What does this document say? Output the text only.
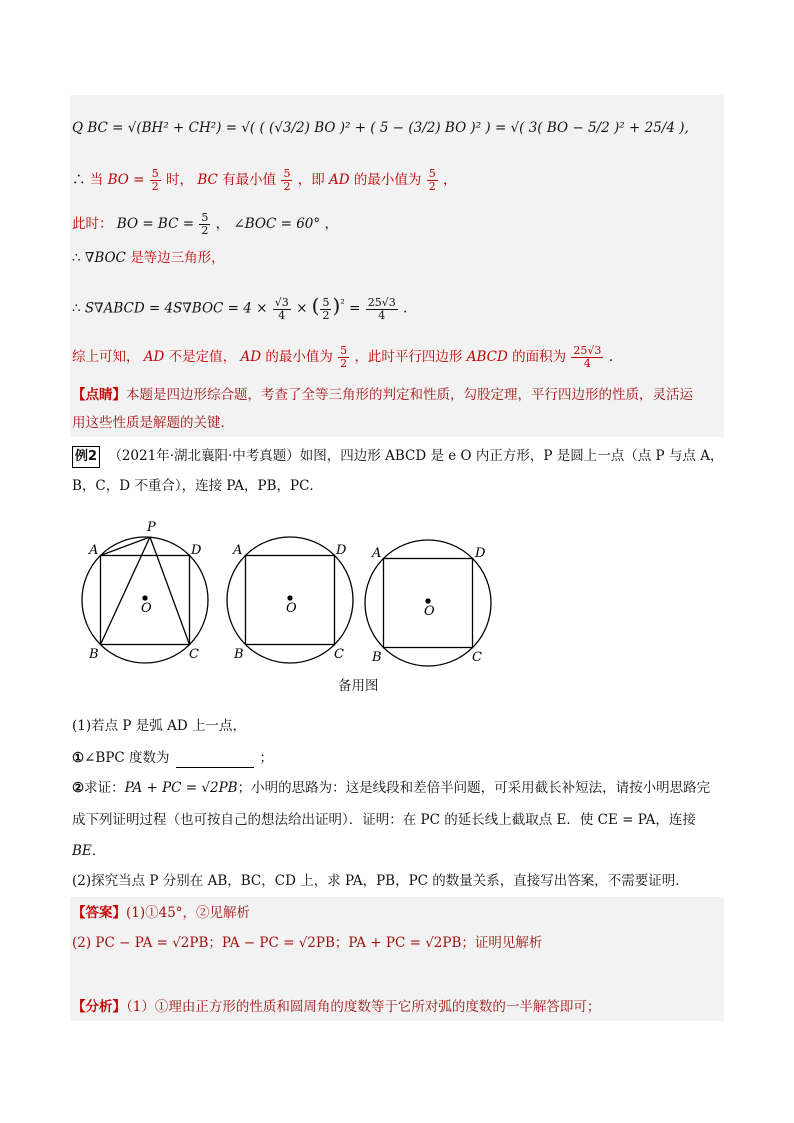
Q BC = √(BH² + CH²) = √( ( (√3/2) BO )² + ( 5 − (3/2) BO )² ) = √( 3( BO − 5/2 )² + 25/4 ),
∴ 当 BO = $\frac{5}{2}$ 时， BC 有最小值 $\frac{5}{2}$ ，即 AD 的最小值为 $\frac{5}{2}$ ，
此时： BO = BC = $\frac{5}{2}$ ， ∠BOC = 60° ，
∴ ∇BOC 是等边三角形，
∴ S∇ABCD = $4S\nabla BOC = 4 \times \frac{√3}{4}$ × ( $\frac{5}{2} )^{^2} = \frac{25√3}{4}$ .
综上可知， AD 不是定值， AD 的最小值为 $\frac{5}{2}$ ，此时平行四边形 ABCD 的面积为 $\frac{25√3}{4}$ .
【点睛】本题是四边形综合题，考查了全等三角形的判定和性质，勾股定理，平行四边形的性质，灵活运
用这些性质是解题的关键．
例2 （2021年·湖北襄阳·中考真题）如图，四边形 ABCD 是 e O 内正方形，P 是圆上一点（点 P 与点 A，
B，C，D 不重合），连接 PA，PB，PC．
P
A	D
B	C
O
A	D
B	C
O
A	D
B	C
O
备用图
(1)若点 P 是弧 AD 上一点，
①∠BPC 度数为	；
②求证：PA + PC = √2PB；小明的思路为：这是线段和差倍半问题，可采用截长补短法，请按小明思路完
成下列证明过程（也可按自己的想法给出证明）．证明：在 PC 的延长线上截取点 E．使 CE = PA，连接
BE．
(2)探究当点 P 分别在 AB，BC，CD 上，求 PA，PB，PC 的数量关系，直接写出答案，不需要证明．
【答案】(1)①45°，②见解析
(2) PC − PA = √2PB；PA − PC = √2PB；PA + PC = √2PB；证明见解析
【分析】（1）①理由正方形的性质和圆周角的度数等于它所对弧的度数的一半解答即可；
